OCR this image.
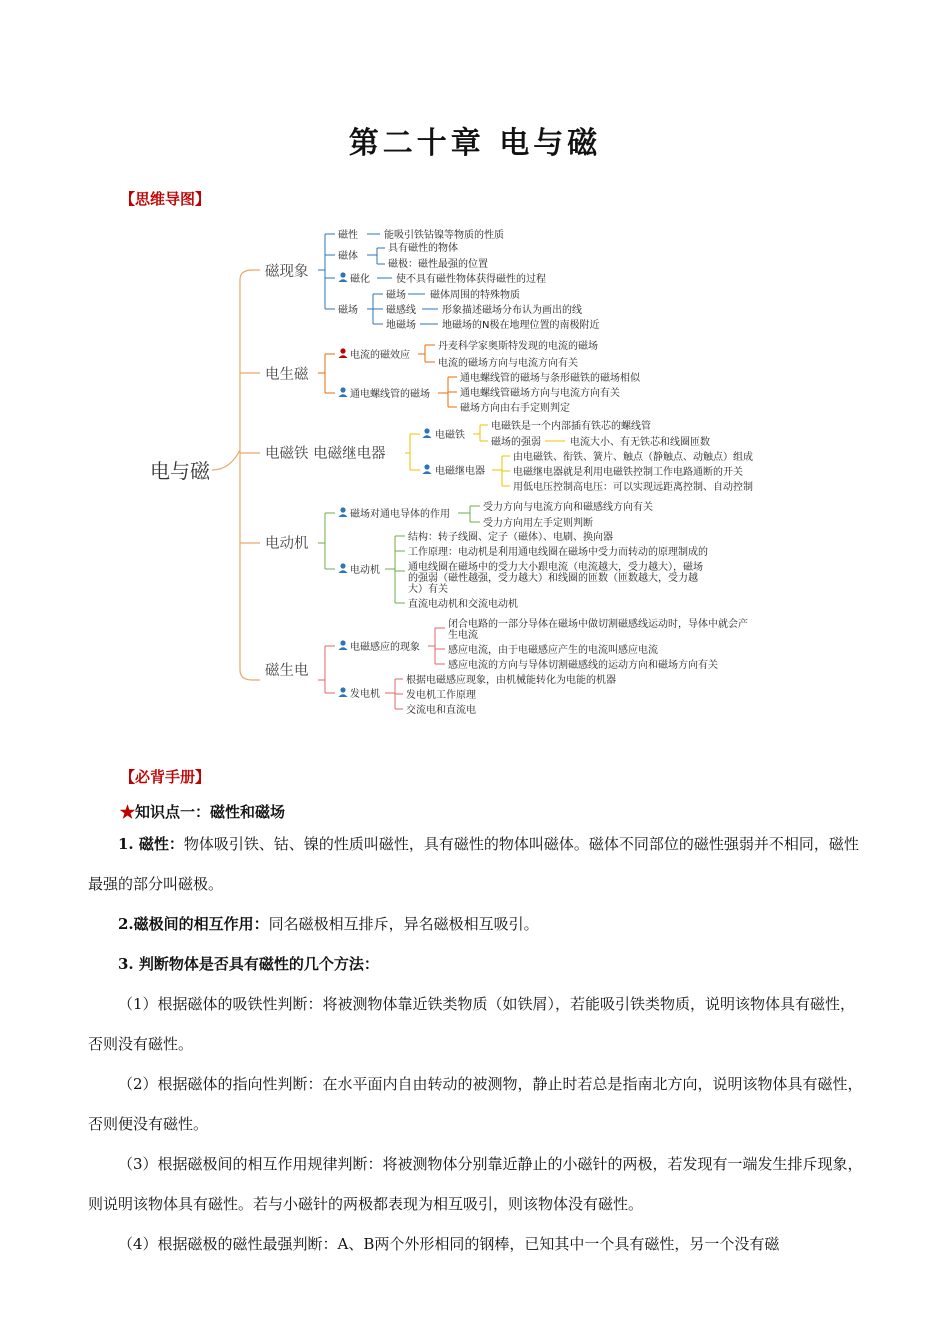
第二十章 电与磁
【思维导图】
电与磁
磁现象
电生磁
电磁铁 电磁继电器
电动机
磁生电
磁性	能吸引铁钴镍等物质的性质
磁体
具有磁性的物体
磁极：磁性最强的位置
磁化	使不具有磁性物体获得磁性的过程
磁场
磁场 磁体周围的特殊物质
磁感线	形象描述磁场分布认为画出的线
地磁场	地磁场的N极在地理位置的南极附近
电流的磁效应
丹麦科学家奥斯特发现的电流的磁场
电流的磁场方向与电流方向有关
通电螺线管的磁场
通电螺线管的磁场与条形磁铁的磁场相似
通电螺线管磁场方向与电流方向有关
磁场方向由右手定则判定
电磁铁
电磁铁是一个内部插有铁芯的螺线管
磁场的强弱	电流大小、有无铁芯和线圈匝数
电磁继电器
由电磁铁、衔铁、簧片、触点（静触点、动触点）组成
电磁继电器就是利用电磁铁控制工作电路通断的开关
用低电压控制高电压：可以实现远距离控制、自动控制
磁场对通电导体的作用
受力方向与电流方向和磁感线方向有关
受力方向用左手定则判断
电动机
结构：转子线圈、定子（磁体）、电刷、换向器
工作原理：电动机是利用通电线圈在磁场中受力而转动的原理制成的
通电线圈在磁场中的受力大小跟电流（电流越大，受力越大），磁场
的强弱（磁性越强，受力越大）和线圈的匝数（匝数越大，受力越
大）有关
直流电动机和交流电动机
电磁感应的现象
闭合电路的一部分导体在磁场中做切割磁感线运动时，导体中就会产
生电流
感应电流，由于电磁感应产生的电流叫感应电流
感应电流的方向与导体切割磁感线的运动方向和磁场方向有关
发电机
根据电磁感应现象，由机械能转化为电能的机器
发电机工作原理
交流电和直流电
【必背手册】
★知识点一：磁性和磁场

1. 磁性：物体吸引铁、钴、镍的性质叫磁性，具有磁性的物体叫磁体。磁体不同部位的磁性强弱并不相同，磁性最强的部分叫磁极。

2.磁极间的相互作用：同名磁极相互排斥，异名磁极相互吸引。

3. 判断物体是否具有磁性的几个方法：

（1）根据磁体的吸铁性判断：将被测物体靠近铁类物质（如铁屑），若能吸引铁类物质，说明该物体具有磁性，否则没有磁性。

（2）根据磁体的指向性判断：在水平面内自由转动的被测物，静止时若总是指南北方向，说明该物体具有磁性，否则便没有磁性。

（3）根据磁极间的相互作用规律判断：将被测物体分别靠近静止的小磁针的两极，若发现有一端发生排斥现象，则说明该物体具有磁性。若与小磁针的两极都表现为相互吸引，则该物体没有磁性。

（4）根据磁极的磁性最强判断：A、B两个外形相同的钢棒，已知其中一个具有磁性，另一个没有磁
